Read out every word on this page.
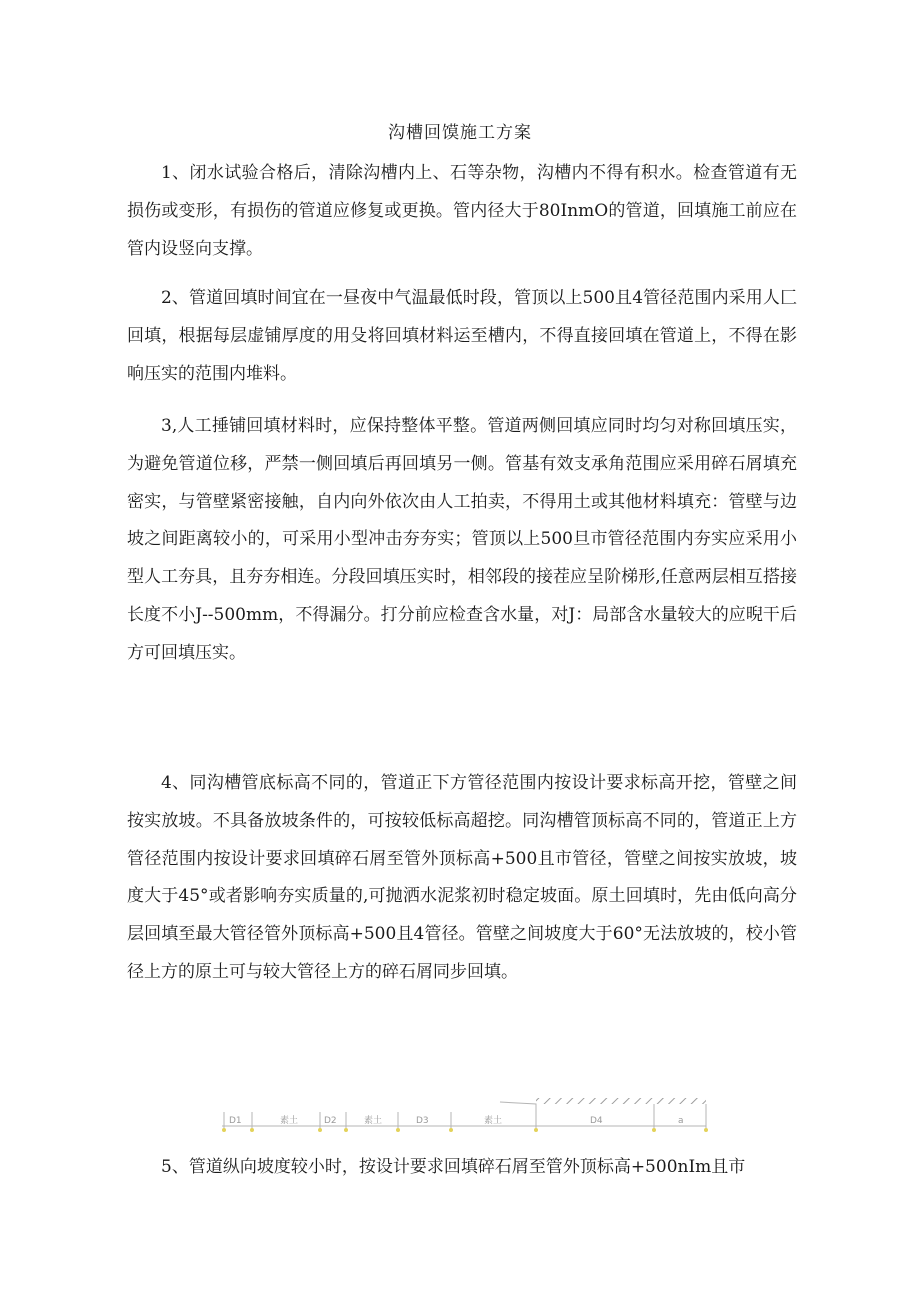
沟槽回馍施工方案

1、闭水试验合格后，清除沟槽内上、石等杂物，沟槽内不得有积水。检查管道有无损伤或变形，有损伤的管道应修复或更换。管内径大于80InmO的管道，回填施工前应在管内设竖向支撑。

2、管道回填时间宜在一昼夜中气温最低时段，管顶以上500且4管径范围内采用人匚回填，根据每层虚铺厚度的用殳将回填材料运至槽内，不得直接回填在管道上，不得在影响压实的范围内堆料。

3,人工捶铺回填材料时，应保持整体平整。管道两侧回填应同时均匀对称回填压实，为避免管道位移，严禁一侧回填后再回填另一侧。管基有效支承角范围应采用碎石屑填充密实，与管壁紧密接触，自内向外依次由人工拍卖，不得用土或其他材料填充：管壁与边坡之间距离较小的，可采用小型冲击夯夯实；管顶以上500旦市管径范围内夯实应采用小型人工夯具，且夯夯相连。分段回填压实时，相邻段的接茬应呈阶梯形,任意两层相互搭接长度不小J--500mm，不得漏分。打分前应检查含水量，对J：局部含水量较大的应晲干后方可回填压实。

4、同沟槽管底标高不同的，管道正下方管径范围内按设计要求标高开挖，管壁之间按实放坡。不具备放坡条件的，可按较低标高超挖。同沟槽管顶标高不同的，管道正上方管径范围内按设计要求回填碎石屑至管外顶标高+500且市管径，管壁之间按实放坡，坡度大于45°或者影响夯实质量的,可抛洒水泥浆初时稳定坡面。原土回填时，先由低向高分层回填至最大管径管外顶标高+500且4管径。管壁之间坡度大于60°无法放坡的，校小管径上方的原土可与较大管径上方的碎石屑同步回填。

D1	素土	D2	素土	D3	素土	D4	a

5、管道纵向坡度较小时，按设计要求回填碎石屑至管外顶标高+500nIm且市
